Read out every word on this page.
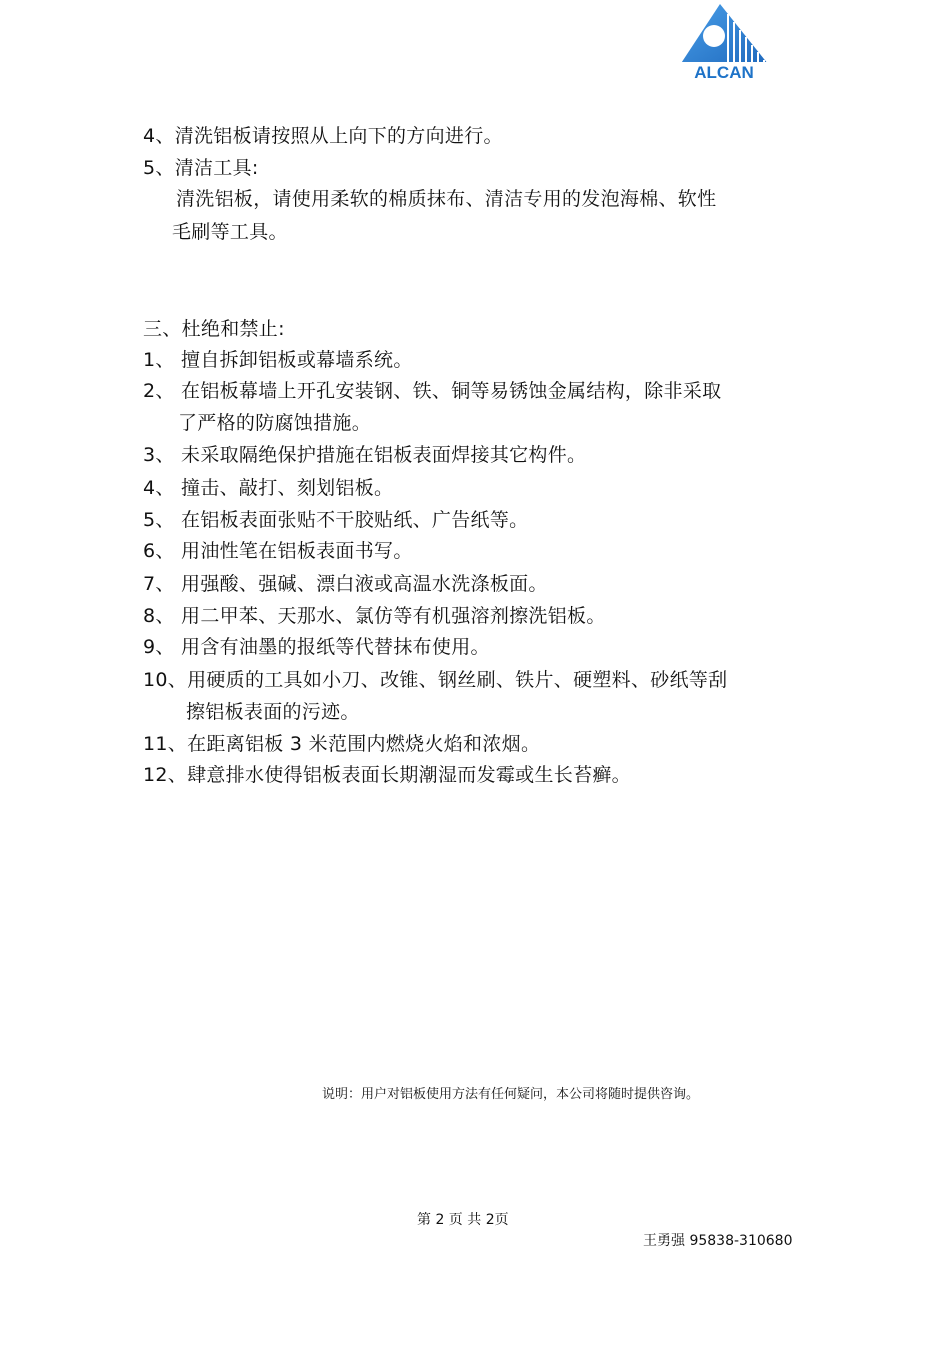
ALCAN
4、清洗铝板请按照从上向下的方向进行。
5、清洁工具:
清洗铝板，请使用柔软的棉质抹布、清洁专用的发泡海棉、软性
毛刷等工具。
三、杜绝和禁止:
1、 擅自拆卸铝板或幕墙系统。
2、 在铝板幕墙上开孔安装钢、铁、铜等易锈蚀金属结构，除非采取
了严格的防腐蚀措施。
3、 未采取隔绝保护措施在铝板表面焊接其它构件。
4、 撞击、敲打、刻划铝板。
5、 在铝板表面张贴不干胶贴纸、广告纸等。
6、 用油性笔在铝板表面书写。
7、 用强酸、强碱、漂白液或高温水洗涤板面。
8、 用二甲苯、天那水、氯仿等有机强溶剂擦洗铝板。
9、 用含有油墨的报纸等代替抹布使用。
10、用硬质的工具如小刀、改锥、钢丝刷、铁片、硬塑料、砂纸等刮
擦铝板表面的污迹。
11、在距离铝板 3 米范围内燃烧火焰和浓烟。
12、肆意排水使得铝板表面长期潮湿而发霉或生长苔癣。
说明：用户对铝板使用方法有任何疑问，本公司将随时提供咨询。
第 2 页 共 2页
王勇强 95838-310680
